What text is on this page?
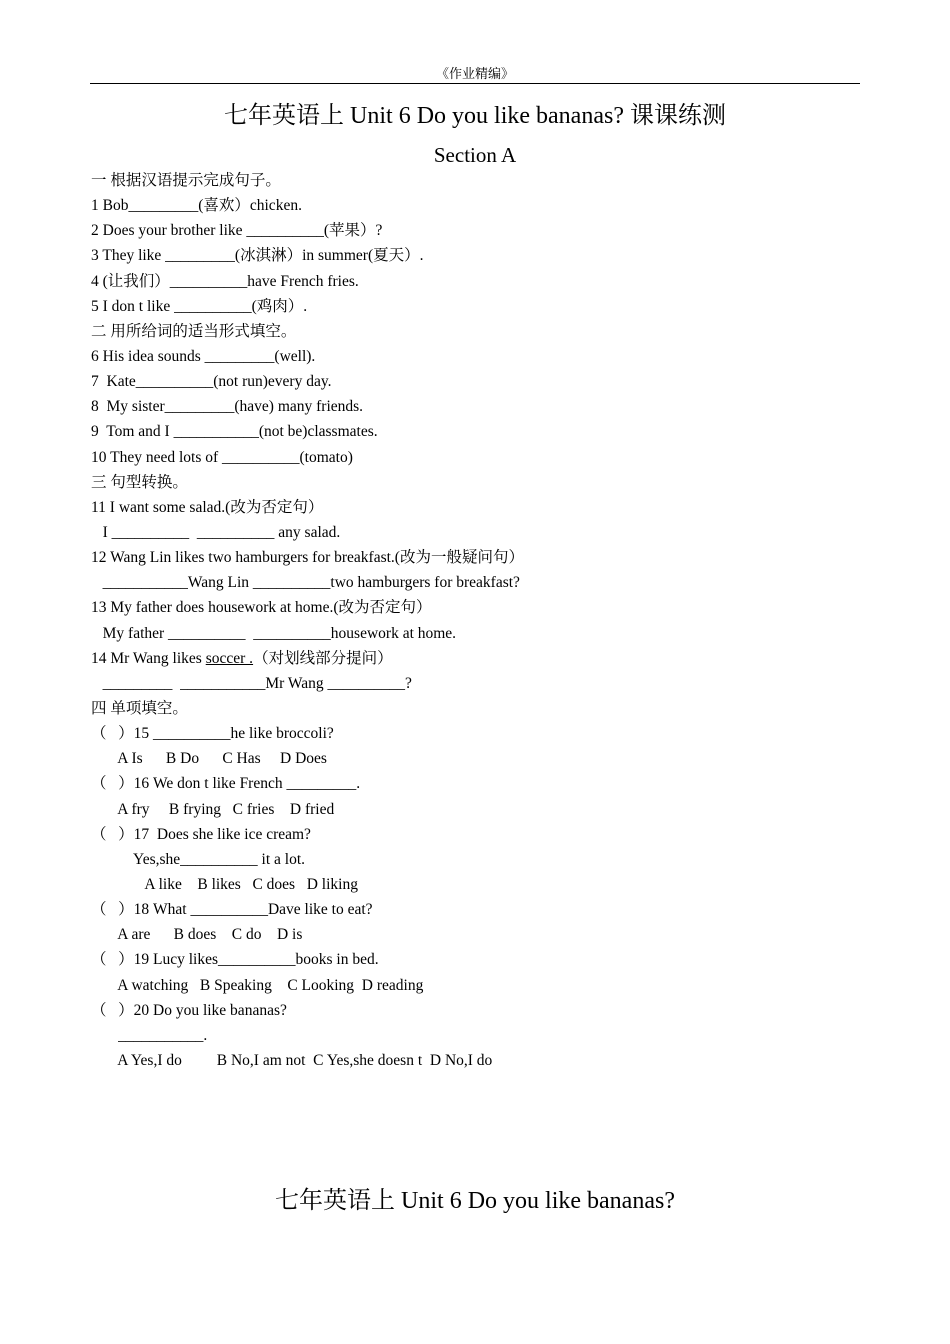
《作业精编》
七年英语上 Unit 6 Do you like bananas? 课课练测
Section A
一 根据汉语提示完成句子。
1 Bob_________(喜欢）chicken.
2 Does your brother like __________(苹果）?
3 They like _________(冰淇淋）in summer(夏天）.
4 (让我们）__________have French fries.
5 I don t like __________(鸡肉）.
二 用所给词的适当形式填空。
6 His idea sounds _________(well).
7  Kate__________(not run)every day.
8  My sister_________(have) many friends.
9  Tom and I ___________(not be)classmates.
10 They need lots of __________(tomato)
三 句型转换。
11 I want some salad.(改为否定句）
I __________  __________ any salad.
12 Wang Lin likes two hamburgers for breakfast.(改为一般疑问句）
___________Wang Lin __________two hamburgers for breakfast?
13 My father does housework at home.(改为否定句）
My father __________  __________housework at home.
14 Mr Wang likes soccer .（对划线部分提问）
_________  ___________Mr Wang __________?
四 单项填空。
（   ）15 __________he like broccoli?
A Is      B Do      C Has     D Does
（   ）16 We don t like French _________.
A fry     B frying   C fries    D fried
（   ）17  Does she like ice cream?
Yes,she__________ it a lot.
A like    B likes   C does   D liking
（   ）18 What __________Dave like to eat?
A are      B does    C do    D is
（   ）19 Lucy likes__________books in bed.
A watching   B Speaking    C Looking  D reading
（   ）20 Do you like bananas?
___________.
A Yes,I do         B No,I am not  C Yes,she doesn t  D No,I do
七年英语上 Unit 6 Do you like bananas?
